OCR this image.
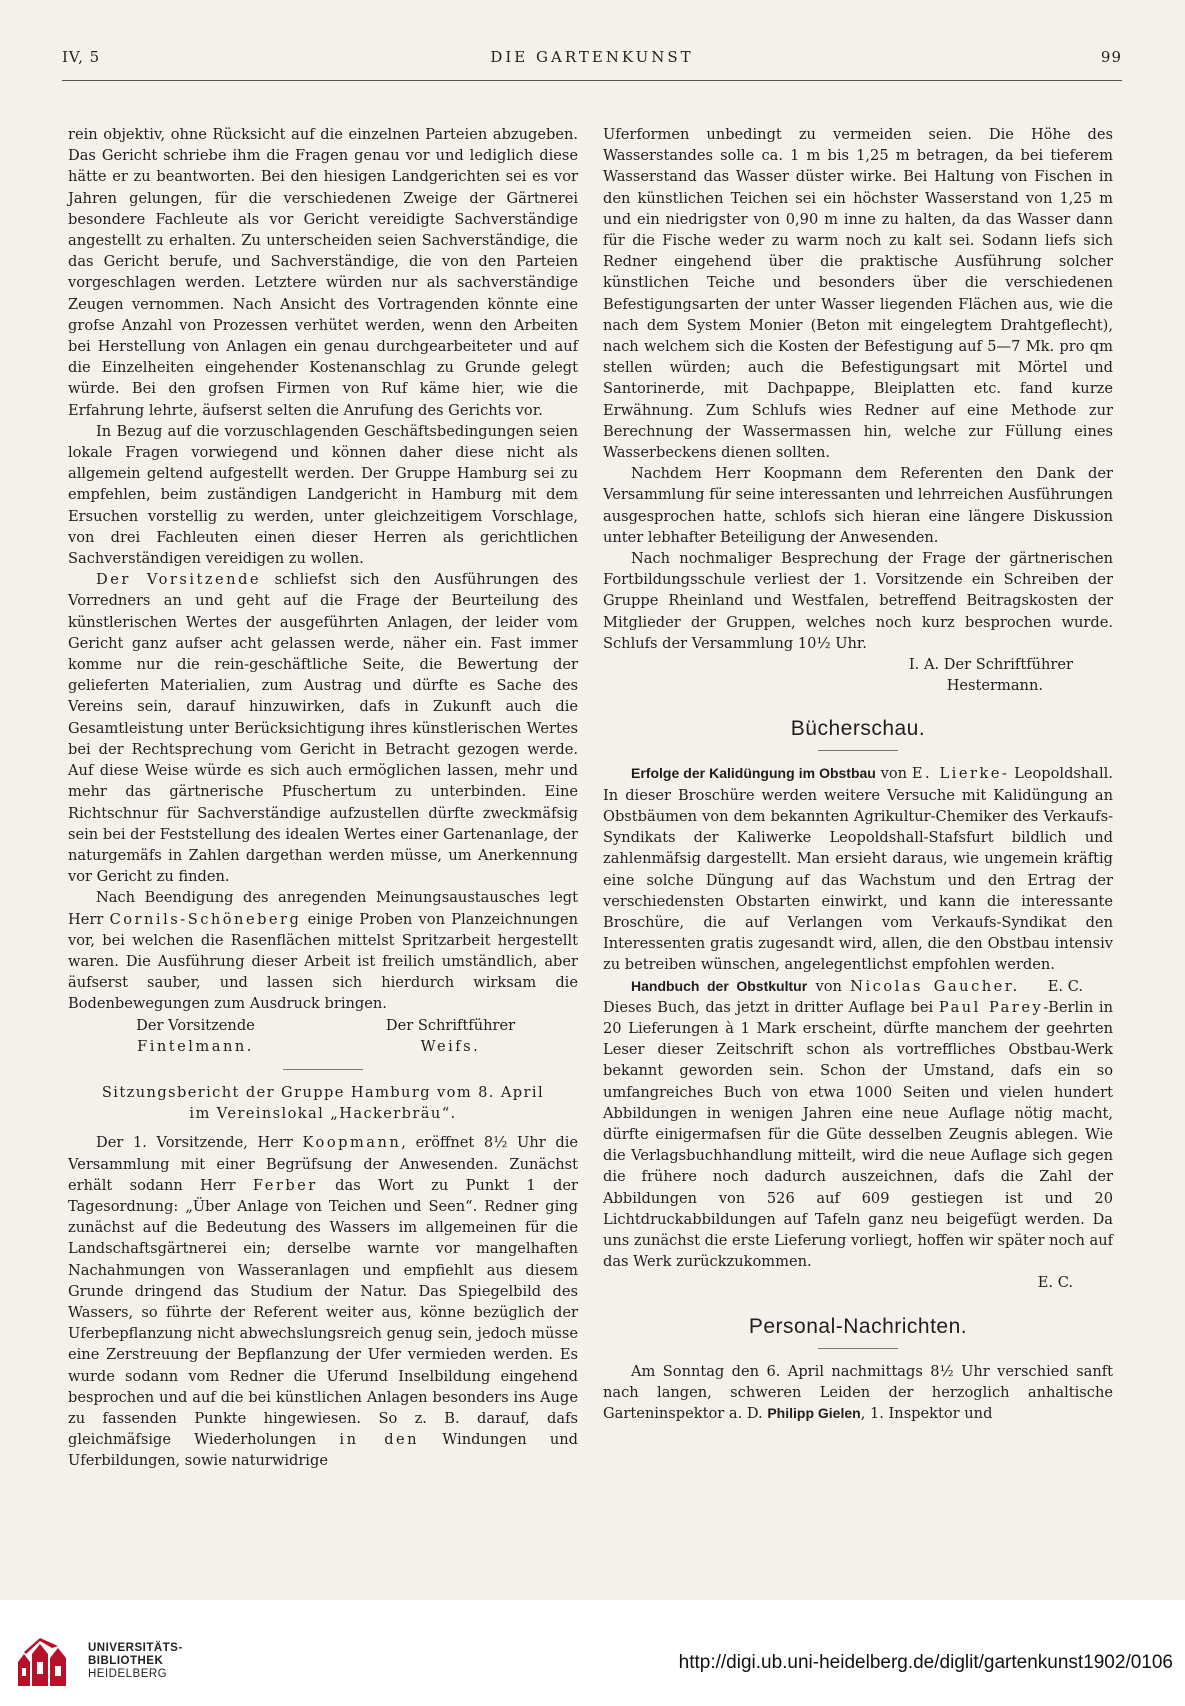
IV, 5	DIE GARTENKUNST	99

rein objektiv, ohne Rücksicht auf die einzelnen Parteien abzugeben. Das Gericht schriebe ihm die Fragen genau vor und lediglich diese hätte er zu beantworten. Bei den hiesigen Landgerichten sei es vor Jahren gelungen, für die verschiedenen Zweige der Gärtnerei besondere Fachleute als vor Gericht vereidigte Sachverständige angestellt zu erhalten. Zu unterscheiden seien Sachverständige, die das Gericht berufe, und Sachverständige, die von den Parteien vorgeschlagen werden. Letztere würden nur als sachverständige Zeugen vernommen. Nach Ansicht des Vortragenden könnte eine grofse Anzahl von Prozessen verhütet werden, wenn den Arbeiten bei Herstellung von Anlagen ein genau durchgearbeiteter und auf die Einzelheiten eingehender Kostenanschlag zu Grunde gelegt würde. Bei den grofsen Firmen von Ruf käme hier, wie die Erfahrung lehrte, äufserst selten die Anrufung des Gerichts vor.

In Bezug auf die vorzuschlagenden Geschäftsbedingungen seien lokale Fragen vorwiegend und können daher diese nicht als allgemein geltend aufgestellt werden. Der Gruppe Hamburg sei zu empfehlen, beim zuständigen Landgericht in Hamburg mit dem Ersuchen vorstellig zu werden, unter gleichzeitigem Vorschlage, von drei Fachleuten einen dieser Herren als gerichtlichen Sachverständigen vereidigen zu wollen.

Der Vorsitzende schliefst sich den Ausführungen des Vorredners an und geht auf die Frage der Beurteilung des künstlerischen Wertes der ausgeführten Anlagen, der leider vom Gericht ganz aufser acht gelassen werde, näher ein. Fast immer komme nur die rein-geschäftliche Seite, die Bewertung der gelieferten Materialien, zum Austrag und dürfte es Sache des Vereins sein, darauf hinzuwirken, dafs in Zukunft auch die Gesamtleistung unter Berücksichtigung ihres künstlerischen Wertes bei der Rechtsprechung vom Gericht in Betracht gezogen werde. Auf diese Weise würde es sich auch ermöglichen lassen, mehr und mehr das gärtnerische Pfuschertum zu unterbinden. Eine Richtschnur für Sachverständige aufzustellen dürfte zweckmäfsig sein bei der Feststellung des idealen Wertes einer Gartenanlage, der naturgemäfs in Zahlen dargethan werden müsse, um Anerkennung vor Gericht zu finden.

Nach Beendigung des anregenden Meinungsaustausches legt Herr Cornils-Schöneberg einige Proben von Planzeichnungen vor, bei welchen die Rasenflächen mittelst Spritzarbeit hergestellt waren. Die Ausführung dieser Arbeit ist freilich umständlich, aber äufserst sauber, und lassen sich hierdurch wirksam die Bodenbewegungen zum Ausdruck bringen.

Der Vorsitzende	Der Schriftführer
Fintelmann.	Weifs.

Sitzungsbericht der Gruppe Hamburg vom 8. April

im Vereinslokal „Hackerbräu“.

Der 1. Vorsitzende, Herr Koopmann, eröffnet 8½ Uhr die Versammlung mit einer Begrüfsung der Anwesenden. Zunächst erhält sodann Herr Ferber das Wort zu Punkt 1 der Tagesordnung: „Über Anlage von Teichen und Seen“. Redner ging zunächst auf die Bedeutung des Wassers im allgemeinen für die Landschaftsgärtnerei ein; derselbe warnte vor mangelhaften Nachahmungen von Wasseranlagen und empfiehlt aus diesem Grunde dringend das Studium der Natur. Das Spiegelbild des Wassers, so führte der Referent weiter aus, könne bezüglich der Uferbepflanzung nicht abwechslungsreich genug sein, jedoch müsse eine Zerstreuung der Bepflanzung der Ufer vermieden werden. Es wurde sodann vom Redner die Uferund Inselbildung eingehend besprochen und auf die bei künstlichen Anlagen besonders ins Auge zu fassenden Punkte hingewiesen. So z. B. darauf, dafs gleichmäfsige Wiederholungen in den Windungen und Uferbildungen, sowie naturwidrige

Uferformen unbedingt zu vermeiden seien. Die Höhe des Wasserstandes solle ca. 1 m bis 1,25 m betragen, da bei tieferem Wasserstand das Wasser düster wirke. Bei Haltung von Fischen in den künstlichen Teichen sei ein höchster Wasserstand von 1,25 m und ein niedrigster von 0,90 m inne zu halten, da das Wasser dann für die Fische weder zu warm noch zu kalt sei. Sodann liefs sich Redner eingehend über die praktische Ausführung solcher künstlichen Teiche und besonders über die verschiedenen Befestigungsarten der unter Wasser liegenden Flächen aus, wie die nach dem System Monier (Beton mit eingelegtem Drahtgeflecht), nach welchem sich die Kosten der Befestigung auf 5—7 Mk. pro qm stellen würden; auch die Befestigungsart mit Mörtel und Santorinerde, mit Dachpappe, Bleiplatten etc. fand kurze Erwähnung. Zum Schlufs wies Redner auf eine Methode zur Berechnung der Wassermassen hin, welche zur Füllung eines Wasserbeckens dienen sollten.

Nachdem Herr Koopmann dem Referenten den Dank der Versammlung für seine interessanten und lehrreichen Ausführungen ausgesprochen hatte, schlofs sich hieran eine längere Diskussion unter lebhafter Beteiligung der Anwesenden.

Nach nochmaliger Besprechung der Frage der gärtnerischen Fortbildungsschule verliest der 1. Vorsitzende ein Schreiben der Gruppe Rheinland und Westfalen, betreffend Beitragskosten der Mitglieder der Gruppen, welches noch kurz besprochen wurde. Schlufs der Versammlung 10½ Uhr.

I. A. Der Schriftführer

Hestermann.

Bücherschau.

Erfolge der Kalidüngung im Obstbau von E. Lierke- Leopoldshall. In dieser Broschüre werden weitere Versuche mit Kalidüngung an Obstbäumen von dem bekannten Agrikultur-Chemiker des Verkaufs-Syndikats der Kaliwerke Leopoldshall-Stafsfurt bildlich und zahlenmäfsig dargestellt. Man ersieht daraus, wie ungemein kräftig eine solche Düngung auf das Wachstum und den Ertrag der verschiedensten Obstarten einwirkt, und kann die interessante Broschüre, die auf Verlangen vom Verkaufs-Syndikat den Interessenten gratis zugesandt wird, allen, die den Obstbau intensiv zu betreiben wünschen, angelegentlichst empfohlen werden.
E. C.

Handbuch der Obstkultur von Nicolas Gaucher. Dieses Buch, das jetzt in dritter Auflage bei Paul Parey-Berlin in 20 Lieferungen à 1 Mark erscheint, dürfte manchem der geehrten Leser dieser Zeitschrift schon als vortreffliches Obstbau-Werk bekannt geworden sein. Schon der Umstand, dafs ein so umfangreiches Buch von etwa 1000 Seiten und vielen hundert Abbildungen in wenigen Jahren eine neue Auflage nötig macht, dürfte einigermafsen für die Güte desselben Zeugnis ablegen. Wie die Verlagsbuchhandlung mitteilt, wird die neue Auflage sich gegen die frühere noch dadurch auszeichnen, dafs die Zahl der Abbildungen von 526 auf 609 gestiegen ist und 20 Lichtdruckabbildungen auf Tafeln ganz neu beigefügt werden. Da uns zunächst die erste Lieferung vorliegt, hoffen wir später noch auf das Werk zurückzukommen.

E. C.

Personal-Nachrichten.

Am Sonntag den 6. April nachmittags 8½ Uhr verschied sanft nach langen, schweren Leiden der herzoglich anhaltische Garteninspektor a. D. Philipp Gielen, 1. Inspektor und

UNIVERSITÄTS-
BIBLIOTHEK
HEIDELBERG
http://digi.ub.uni-heidelberg.de/diglit/gartenkunst1902/0106
